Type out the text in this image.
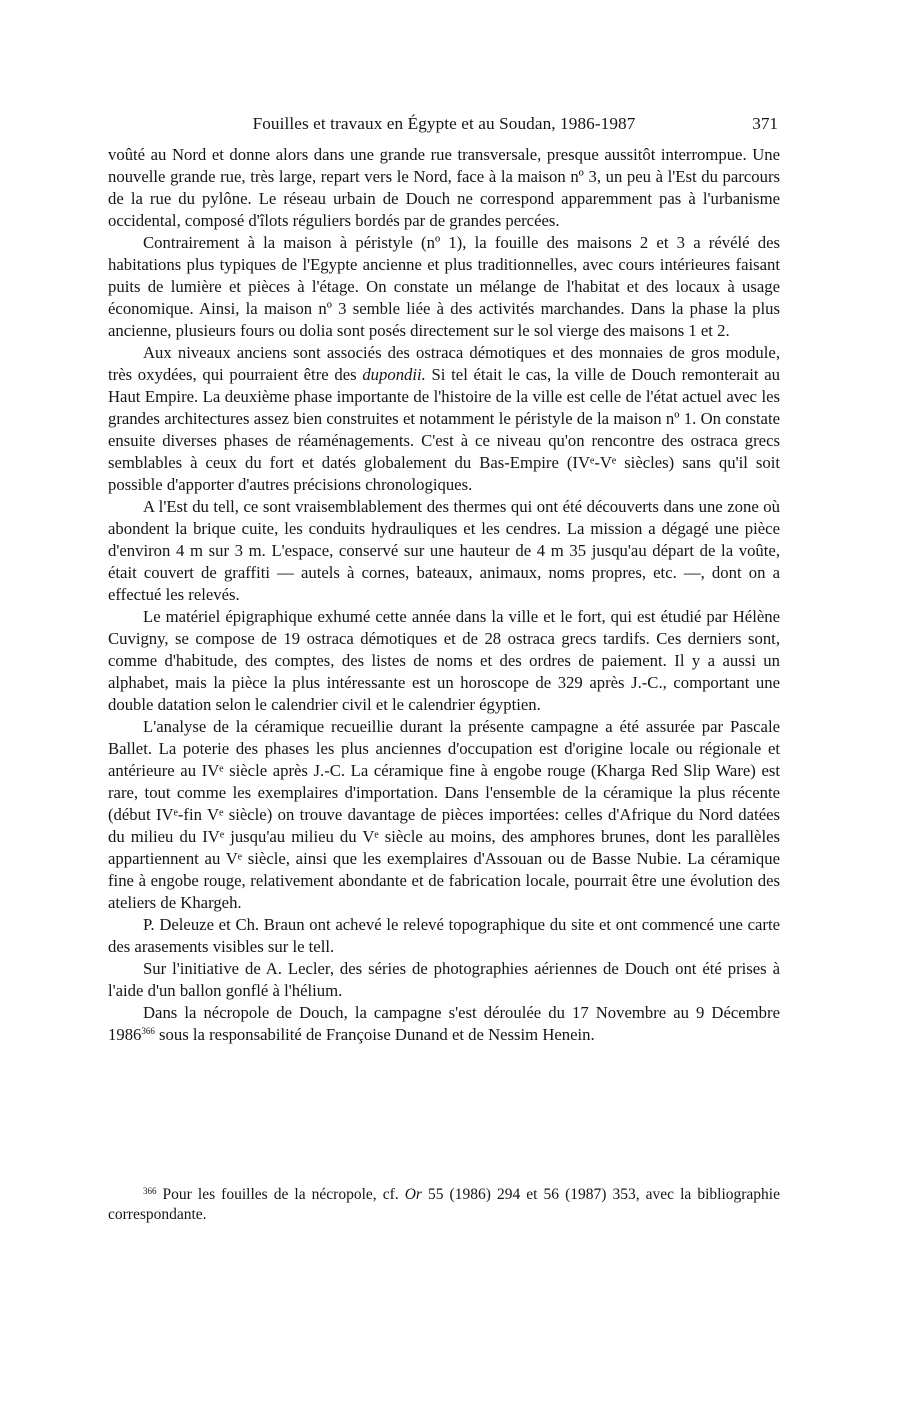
Fouilles et travaux en Égypte et au Soudan, 1986-1987	371

voûté au Nord et donne alors dans une grande rue transversale, presque aussitôt interrompue. Une nouvelle grande rue, très large, repart vers le Nord, face à la maison nº 3, un peu à l'Est du parcours de la rue du pylône. Le réseau urbain de Douch ne correspond apparemment pas à l'urbanisme occidental, composé d'îlots réguliers bordés par de grandes percées.

Contrairement à la maison à péristyle (nº 1), la fouille des maisons 2 et 3 a révélé des habitations plus typiques de l'Egypte ancienne et plus traditionnelles, avec cours intérieures faisant puits de lumière et pièces à l'étage. On constate un mélange de l'habitat et des locaux à usage économique. Ainsi, la maison nº 3 semble liée à des activités marchandes. Dans la phase la plus ancienne, plusieurs fours ou dolia sont posés directement sur le sol vierge des maisons 1 et 2.

Aux niveaux anciens sont associés des ostraca démotiques et des monnaies de gros module, très oxydées, qui pourraient être des dupondii. Si tel était le cas, la ville de Douch remonterait au Haut Empire. La deuxième phase importante de l'histoire de la ville est celle de l'état actuel avec les grandes architectures assez bien construites et notamment le péristyle de la maison nº 1. On constate ensuite diverses phases de réaménagements. C'est à ce niveau qu'on rencontre des ostraca grecs semblables à ceux du fort et datés globalement du Bas-Empire (IVᵉ-Vᵉ siècles) sans qu'il soit possible d'apporter d'autres précisions chronologiques.

A l'Est du tell, ce sont vraisemblablement des thermes qui ont été découverts dans une zone où abondent la brique cuite, les conduits hydrauliques et les cendres. La mission a dégagé une pièce d'environ 4 m sur 3 m. L'espace, conservé sur une hauteur de 4 m 35 jusqu'au départ de la voûte, était couvert de graffiti — autels à cornes, bateaux, animaux, noms propres, etc. —, dont on a effectué les relevés.

Le matériel épigraphique exhumé cette année dans la ville et le fort, qui est étudié par Hélène Cuvigny, se compose de 19 ostraca démotiques et de 28 ostraca grecs tardifs. Ces derniers sont, comme d'habitude, des comptes, des listes de noms et des ordres de paiement. Il y a aussi un alphabet, mais la pièce la plus intéressante est un horoscope de 329 après J.-C., comportant une double datation selon le calendrier civil et le calendrier égyptien.

L'analyse de la céramique recueillie durant la présente campagne a été assurée par Pascale Ballet. La poterie des phases les plus anciennes d'occupation est d'origine locale ou régionale et antérieure au IVᵉ siècle après J.-C. La céramique fine à engobe rouge (Kharga Red Slip Ware) est rare, tout comme les exemplaires d'importation. Dans l'ensemble de la céramique la plus récente (début IVᵉ-fin Vᵉ siècle) on trouve davantage de pièces importées: celles d'Afrique du Nord datées du milieu du IVᵉ jusqu'au milieu du Vᵉ siècle au moins, des amphores brunes, dont les parallèles appartiennent au Vᵉ siècle, ainsi que les exemplaires d'Assouan ou de Basse Nubie. La céramique fine à engobe rouge, relativement abondante et de fabrication locale, pourrait être une évolution des ateliers de Khargeh.

P. Deleuze et Ch. Braun ont achevé le relevé topographique du site et ont commencé une carte des arasements visibles sur le tell.

Sur l'initiative de A. Lecler, des séries de photographies aériennes de Douch ont été prises à l'aide d'un ballon gonflé à l'hélium.

Dans la nécropole de Douch, la campagne s'est déroulée du 17 Novembre au 9 Décembre 1986$^{366}$ sous la responsabilité de Françoise Dunand et de Nessim Henein.

$^{366}$ Pour les fouilles de la nécropole, cf. Or 55 (1986) 294 et 56 (1987) 353, avec la bibliographie correspondante.
